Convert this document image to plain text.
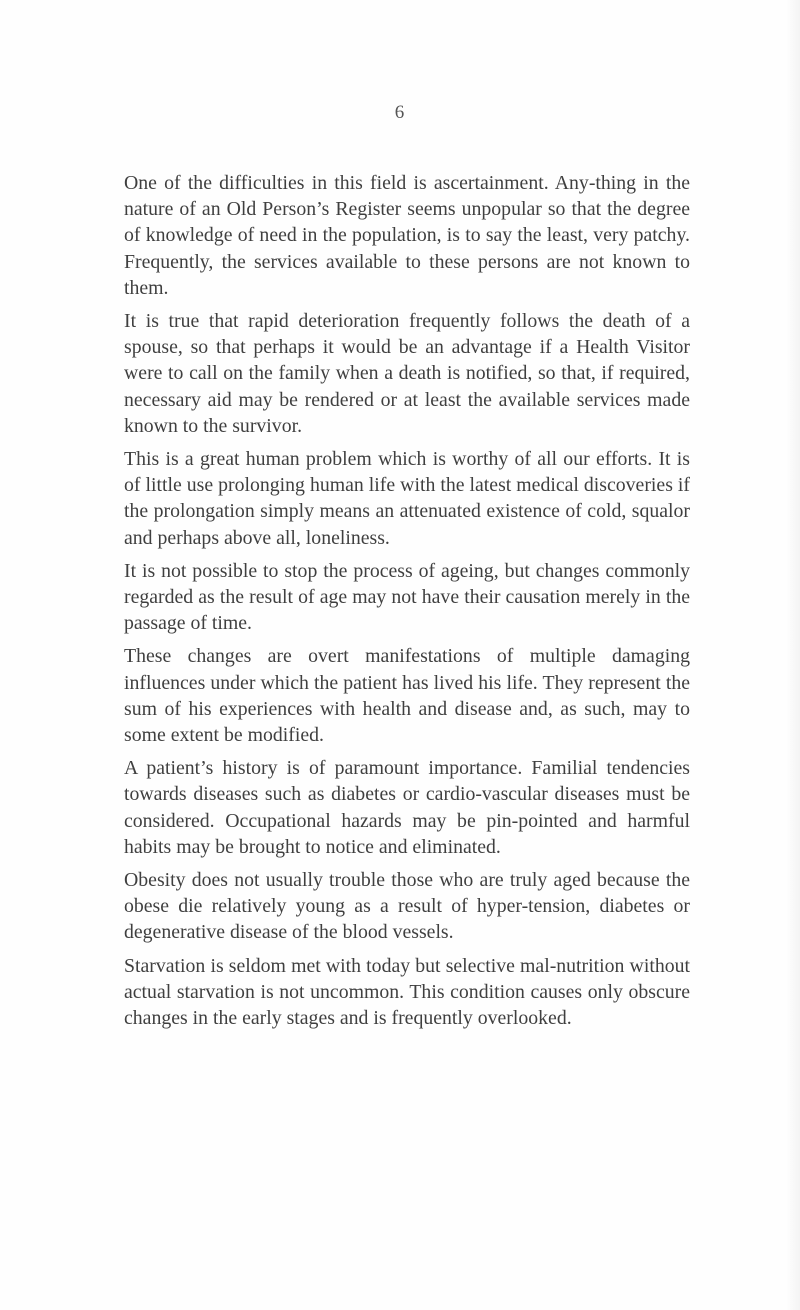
6

One of the difficulties in this field is ascertainment. Any-thing in the nature of an Old Person’s Register seems unpopular so that the degree of knowledge of need in the population, is to say the least, very patchy. Frequently, the services available to these persons are not known to them.

It is true that rapid deterioration frequently follows the death of a spouse, so that perhaps it would be an advantage if a Health Visitor were to call on the family when a death is notified, so that, if required, necessary aid may be rendered or at least the available services made known to the survivor.

This is a great human problem which is worthy of all our efforts. It is of little use prolonging human life with the latest medical discoveries if the prolongation simply means an attenuated existence of cold, squalor and perhaps above all, loneliness.

It is not possible to stop the process of ageing, but changes commonly regarded as the result of age may not have their causation merely in the passage of time.

These changes are overt manifestations of multiple damaging influences under which the patient has lived his life. They represent the sum of his experiences with health and disease and, as such, may to some extent be modified.

A patient’s history is of paramount importance. Familial tendencies towards diseases such as diabetes or cardio-vascular diseases must be considered. Occupational hazards may be pin-pointed and harmful habits may be brought to notice and eliminated.

Obesity does not usually trouble those who are truly aged because the obese die relatively young as a result of hyper-tension, diabetes or degenerative disease of the blood vessels.

Starvation is seldom met with today but selective mal-nutrition without actual starvation is not uncommon. This condition causes only obscure changes in the early stages and is frequently overlooked.
